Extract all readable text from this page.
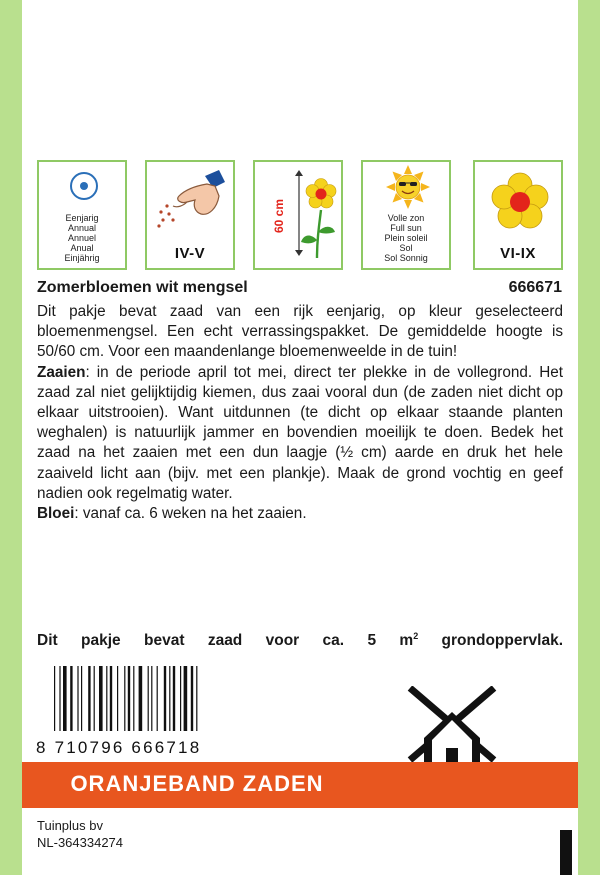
Eenjarig
Annual
Annuel
Anual
Einjährig	IV-V
60 cm	Volle zon
Full sun
Plein soleil
Sol
Sol Sonnig	VI-IX
Zomerbloemen wit mengsel	666671

Dit pakje bevat zaad van een rijk eenjarig, op kleur geselecteerd bloemenmengsel. Een echt verrassingspakket. De gemiddelde hoogte is 50/60 cm. Voor een maandenlange bloemenweelde in de tuin!

Zaaien: in de periode april tot mei, direct ter plekke in de vollegrond. Het zaad zal niet gelijktijdig kiemen, dus zaai vooral dun (de zaden niet dicht op elkaar uitstrooien). Want uitdunnen (te dicht op elkaar staande planten weghalen) is natuurlijk jammer en bovendien moeilijk te doen. Bedek het zaad na het zaaien met een dun laagje (½ cm) aarde en druk het hele zaaiveld licht aan (bijv. met een plankje). Maak de grond vochtig en geef nadien ook regelmatig water.

Bloei: vanaf ca. 6 weken na het zaaien.

Dit pakje bevat zaad voor ca. 5 $m^2$ grondoppervlak.
8 710796 666718
ORANJEBAND ZADEN
Tuinplus bv
NL-364334274
